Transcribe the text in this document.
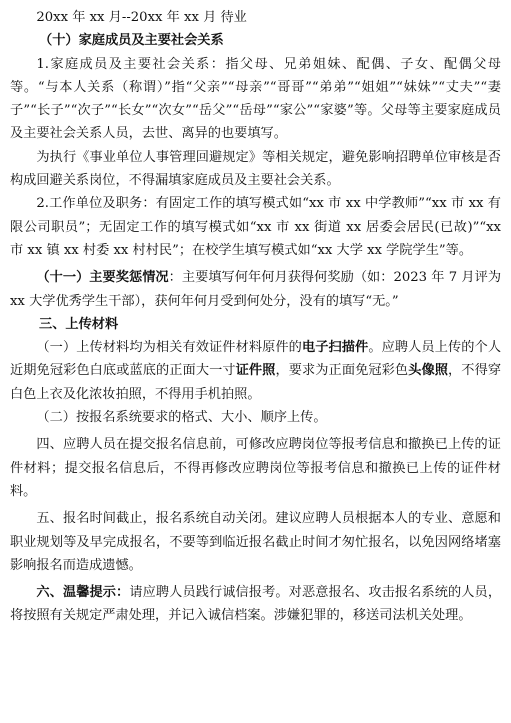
20xx 年 xx 月--20xx 年 xx 月 待业

（十）家庭成员及主要社会关系

1.家庭成员及主要社会关系：指父母、兄弟姐妹、配偶、子女、配偶父母等。“与本人关系（称谓）”指“父亲”“母亲”“哥哥”“弟弟”“姐姐”“妹妹”“丈夫”“妻子”“长子”“次子”“长女”“次女”“岳父”“岳母”“家公”“家婆”等。父母等主要家庭成员及主要社会关系人员，去世、离异的也要填写。

为执行《事业单位人事管理回避规定》等相关规定，避免影响招聘单位审核是否构成回避关系岗位，不得漏填家庭成员及主要社会关系。

2.工作单位及职务：有固定工作的填写模式如“xx 市 xx 中学教师”“xx 市 xx 有限公司职员”；无固定工作的填写模式如“xx 市 xx 街道 xx 居委会居民(已故)”“xx 市 xx 镇 xx 村委 xx 村村民”；在校学生填写模式如“xx 大学 xx 学院学生”等。

（十一）主要奖惩情况：主要填写何年何月获得何奖励（如：2023 年 7 月评为 xx 大学优秀学生干部），获何年何月受到何处分，没有的填写“无。”

三、上传材料

（一）上传材料均为相关有效证件材料原件的电子扫描件。应聘人员上传的个人近期免冠彩色白底或蓝底的正面大一寸证件照，要求为正面免冠彩色头像照，不得穿白色上衣及化浓妆拍照，不得用手机拍照。

（二）按报名系统要求的格式、大小、顺序上传。

四、应聘人员在提交报名信息前，可修改应聘岗位等报考信息和撤换已上传的证件材料；提交报名信息后，不得再修改应聘岗位等报考信息和撤换已上传的证件材料。

五、报名时间截止，报名系统自动关闭。建议应聘人员根据本人的专业、意愿和职业规划等及早完成报名，不要等到临近报名截止时间才匆忙报名，以免因网络堵塞影响报名而造成遗憾。

六、温馨提示：请应聘人员践行诚信报考。对恶意报名、攻击报名系统的人员，将按照有关规定严肃处理，并记入诚信档案。涉嫌犯罪的，移送司法机关处理。
